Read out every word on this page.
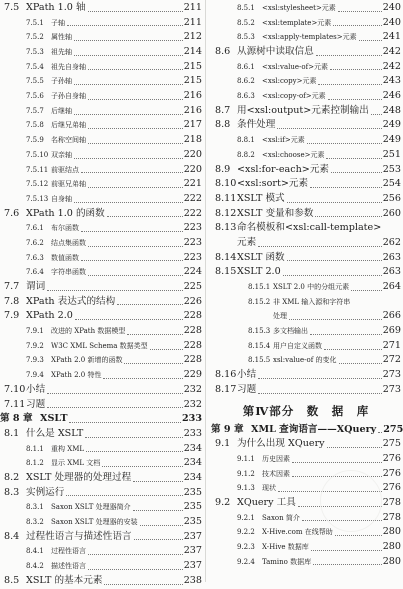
7.5 XPath 1.0 轴	211
7.5.1	子轴	211
7.5.2	属性轴	212
7.5.3	祖先轴	214
7.5.4	祖先自身轴	215
7.5.5	子孙轴	215
7.5.6	子孙自身轴	216
7.5.7	后继轴	216
7.5.8	后继兄弟轴	217
7.5.9	名称空间轴	218
7.5.10 双亲轴	220
7.5.11 前驱结点	220
7.5.12 前驱兄弟轴	221
7.5.13 自身轴	222
7.6 XPath 1.0 的函数	222
7.6.1	布尔函数	223
7.6.2	结点集函数	223
7.6.3	数值函数	223
7.6.4	字符串函数	224
7.7 谓词	225
7.8 XPath 表达式的结构	226
7.9 XPath 2.0	228
7.9.1	改进的 XPath 数据模型	228
7.9.2	W3C XML Schema 数据类型	228
7.9.3	XPath 2.0 新增的函数	228
7.9.4	XPath 2.0 特性	229
7.10 小结	232
7.11 习题	232
第 8 章 XSLT	233
8.1 什么是 XSLT	233
8.1.1	重构 XML	234
8.1.2	显示 XML 文档	234
8.2 XSLT 处理器的处理过程	234
8.3 实例运行	235
8.3.1	Saxon XSLT 处理器简介	235
8.3.2	Saxon XSLT 处理器的安装	235
8.4 过程性语言与描述性语言	237
8.4.1	过程性语言	237
8.4.2	描述性语言	237
8.5 XSLT 的基本元素	238
8.5.1	<xsl:stylesheet>元素	240
8.5.2	<xsl:template>元素	240
8.5.3	<xsl:apply-templates>元素	241
8.6 从源树中读取信息	242
8.6.1	<xsl:value-of>元素	242
8.6.2	<xsl:copy>元素	243
8.6.3	<xsl:copy-of>元素	246
8.7 用<xsl:output>元素控制输出 248
8.8 条件处理	249
8.8.1	<xsl:if>元素	249
8.8.2	<xsl:choose>元素	251
8.9 <xsl:for-each>元素	253
8.10 <xsl:sort>元素	254
8.11 XSLT 模式	256
8.12 XSLT 变量和参数	260
8.13 命名模板和<xsl:call-template>
元素	262
8.14 XSLT 函数	263
8.15 XSLT 2.0	263
8.15.1 XSLT 2.0 中的分组元素	264
8.15.2 非 XML 输入源和字符串
处理	266
8.15.3 多文档输出	269
8.15.4 用户自定义函数	271
8.15.5 xsl:value-of 的变化	272
8.16 小结	273
8.17 习题	273
第Ⅳ部分　数　据　库
第 9 章 XML 查询语言——XQuery 275
9.1 为什么出现 XQuery	275
9.1.1	历史因素	276
9.1.2	技术因素	276
9.1.3	现状	276
9.2 XQuery 工具	278
9.2.1	Saxon 简介	278
9.2.2	X-Hive.com 在线帮助	280
9.2.3	X-Hive 数据库	280
9.2.4	Tamino 数据库	280
